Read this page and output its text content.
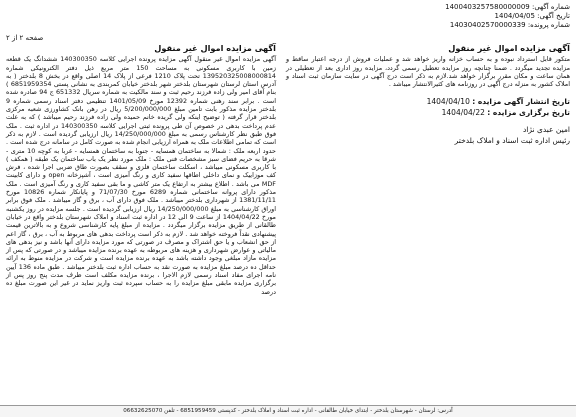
شماره آگهی: 1400403257580000009
تاریخ آگهی: 1404/04/05
شماره پرونده: 14030402570000339
صفحه ۲ از ۲
آگهی مزایده اموال غیر منقول

متکور قابل استرداد نبوده و به حساب خزانه واریز خواهد شد و عملیات فروش از درجه اعتبار ساقط و مزایده تجدید میگردد . ضمنا چنانچه روز مزایده تعطیل رسمی گردد، مزایده روز اداری بعد از تعطیلی در همان ساعت و مکان مقرر برگزار خواهد شد.لازم به ذکر است درج آگهی در سایت سازمان ثبت اسناد و املاک کشور به منزله درج آگهی در روزنامه های کثیرالانتشار میباشد .

تاریخ انتشار آگهی مزایده : 1404/04/10
تاریخ برگزاری مزایده : 1404/04/22
امین عبدی نژاد
رئیس اداره ثبت اسناد و املاک بلدختر
آگهی مزایده اموال غیر منقول

آگهی مزایده اموال غیر منقول آگهی مزایده پرونده اجرایی کلاسه 140300350 ششدانگ یک قطعه زمین با کاربری مسکونی به مساحت 150 متر مربع ذیل دفتر الکترونیکی شماره 139520325008000814 تحت پلاک 1210 فرعی از پلاک 14 اصلی واقع در بخش 8 بلدختر ( به آدرس استان لرستان شهرستان بلدختر شهر بلدختر خیابان کمربندی به نشانی پستی 6851959354 ) بنام آقای امیر ولی زاده فرزند رحیم ثبت و سند مالکیت به شماره سریال 651332 ج 94 صادره شده است . برابر سند رهنی شماره 12392 مورخ 1401/05/09 تنظیمی دفتر اسناد رسمی شماره 9 بلدختر مزایده مذکور بابت تامین مبلغ 5/200/000/000 ریال در رهن بانک کشاورزی شعبه مرکزی بلدختر قرار گرفته ( توضیح اینکه ولی گریده خانم حمیده ولی زاده فرزند رحیم میباشد ) که به علت عدم پرداخت بدهی در خصوص آن طی پرونده ثبتی اجرایی کلاسه 140300350 در اداره ثبت . ملک فوق طبق نظر کارشناس رسمی به مبلغ 14/250/000/000 ریال ارزیابی گردیده است . لازم به ذکر است که تمامی اطلاعات ملک به همراه ارزیابی انجام شده به صورت کامل در سامانه درج شده است . حدود اربعه ملک : شمالا به ساختمان همسایه - جنوبا به ساختمان همسایه - غربا به کوچه 10 متری - شرقا به حریم فضای سبز مشخصات فنی ملک : ملک مورد نظر یک باب ساختمان یک طبقه ( همکف ) با کاربری مسکونی میباشد ، اسکلت ساختمان فلزی و سقف بصورت طاق ضربی اجرا شده ، فرش کف موزاییک و نمای داخلی اطاقها سفید کاری و رنگ آمیزی است ، آشپزخانه open و دارای کابینت MDF می باشد . اطلاع بیشتر به ارتفاع یک متر کاشی و ما بقی سفید کاری و رنگ آمیزی است . ملک مذکور دارای پروانه ساختمانی شماره 6289 مورخ 71/07/30 و پایانکار شماره 10826 مورخ 1381/11/11 از شهرداری بلدختر میباشد . ملک فوق دارای آب ، برق و گاز میباشد . ملک فوق برابر اوراق کارشناسی به مبلغ 14/250/000/000 ریال ارزیابی گردیده است . جلسه مزایده در روز یکشنبه مورخ 1404/04/22 از ساعت 9 الی 12 در اداره ثبت اسناد و املاک شهرستان بلدختر واقع در خیابان طالقانی از طریق مزایده برگزار میگردد . مزایده از مبلغ پایه کارشناسی شروع و به بالاترین قیمت پیشنهادی نقداً فروخته خواهد شد . لازم به ذکر است پرداخت بدهی های مربوط به آب ، برق ، گاز اعم از حق انشعاب و یا حق اشتراک و مصرف در صورتی که مورد مزایده دارای آنها باشد و نیز بدهی های مالیاتی و عوارض شهرداری و هزینه های مربوطه به عهده برنده مزایده میباشد و در صورتی که پس از مزایده مازاد مبلغی وجود داشته باشد به عهده برنده مزایده است و شرکت در مزایده منوط به ارائه حداقل ده درصد مبلغ مزایده به صورت نقد به حساب اداره ثبت بلدختر میباشد . طبق ماده 136 آیین نامه اجرای مفاد اسناد رسمی لازم الاجرا ، برنده مزایده مکلف است ظرف مدت پنج روز پس از برگزاری مزایده مابقی مبلغ مزایده را به حساب سپرده ثبت واریز نماید در غیر این صورت مبلغ ده درصد

آدرس: لرستان - شهرستان بلدختر - ابتدای خیابان طالقانی - اداره ثبت اسناد و املاک بلدختر - کدپستی 6851959459 - تلفن 06632625070
